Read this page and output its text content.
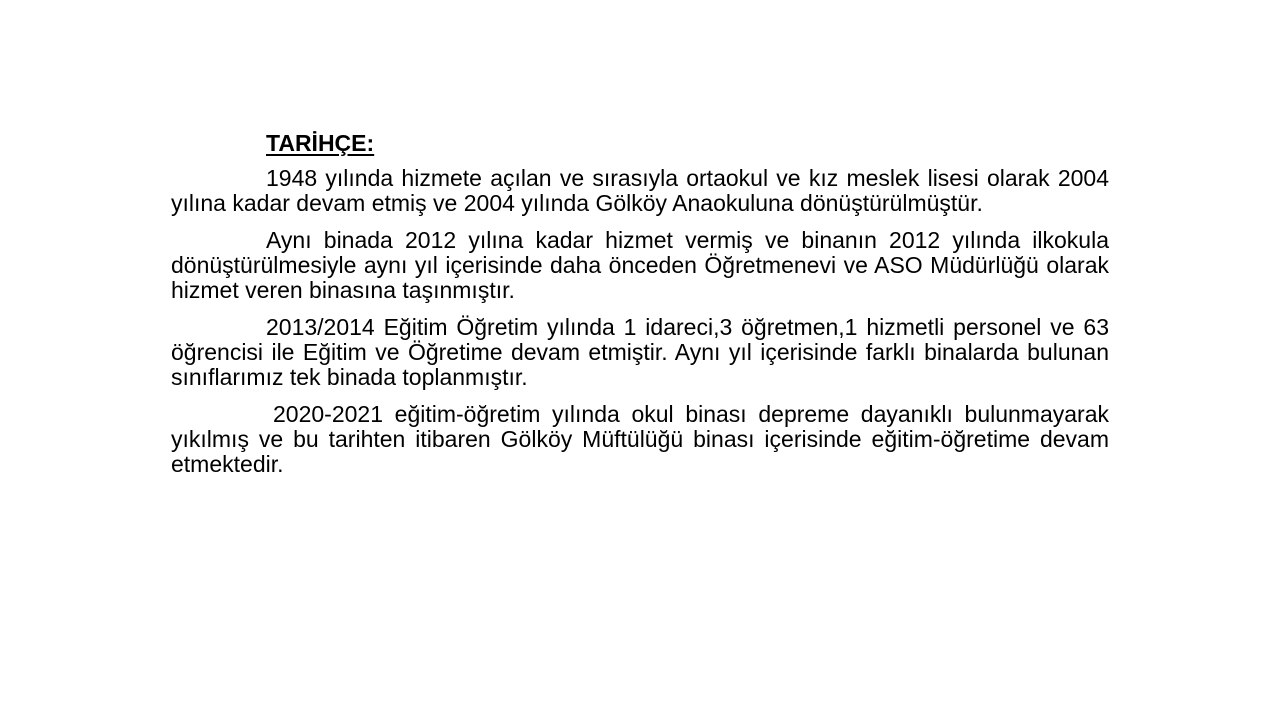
TARİHÇE:

1948 yılında hizmete açılan ve sırasıyla ortaokul ve kız meslek lisesi olarak 2004 yılına kadar devam etmiş ve 2004 yılında Gölköy Anaokuluna dönüştürülmüştür.

Aynı binada 2012 yılına kadar hizmet vermiş ve binanın 2012 yılında ilkokula dönüştürülmesiyle aynı yıl içerisinde daha önceden Öğretmenevi ve ASO Müdürlüğü olarak hizmet veren binasına taşınmıştır.

2013/2014 Eğitim Öğretim yılında 1 idareci,3 öğretmen,1 hizmetli personel ve 63 öğrencisi ile Eğitim ve Öğretime devam etmiştir. Aynı yıl içerisinde farklı binalarda bulunan sınıflarımız tek binada toplanmıştır.

2020-2021 eğitim-öğretim yılında okul binası depreme dayanıklı bulunmayarak yıkılmış ve bu tarihten itibaren Gölköy Müftülüğü binası içerisinde eğitim-öğretime devam etmektedir.
